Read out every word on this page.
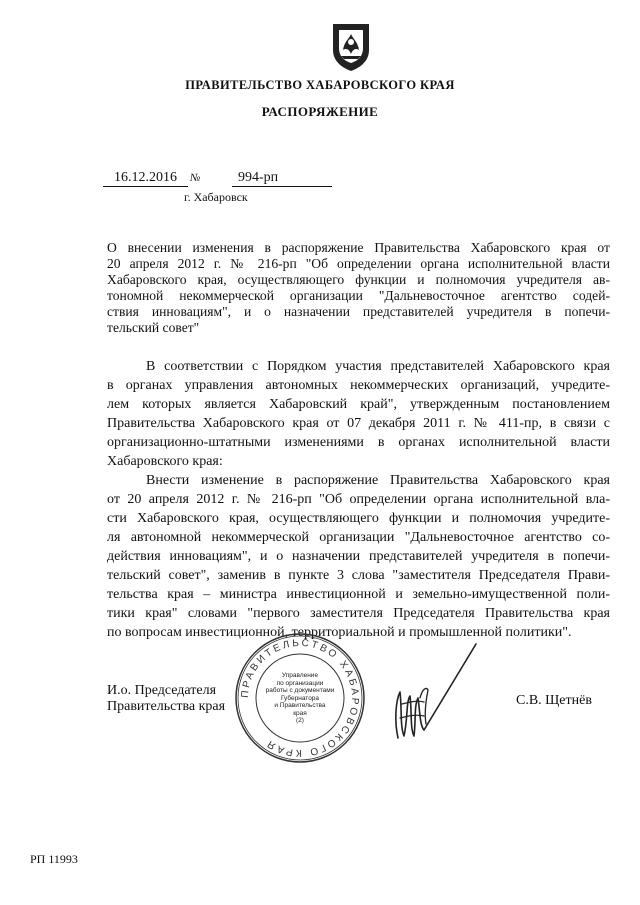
ПРАВИТЕЛЬСТВО ХАБАРОВСКОГО КРАЯ
РАСПОРЯЖЕНИЕ
16.12.2016	№	994-рп
г. Хабаровск
О внесении изменения в распоряжение Правительства Хабаровского края от
20 апреля 2012 г. № 216-рп "Об определении органа исполнительной власти
Хабаровского края, осуществляющего функции и полномочия учредителя ав-
тономной некоммерческой организации "Дальневосточное агентство содей-
ствия инновациям", и о назначении представителей учредителя в попечи-
тельский совет"
В соответствии с Порядком участия представителей Хабаровского края
в органах управления автономных некоммерческих организаций, учредите-
лем которых является Хабаровский край", утвержденным постановлением
Правительства Хабаровского края от 07 декабря 2011 г. № 411-пр, в связи с
организационно-штатными изменениями в органах исполнительной власти
Хабаровского края:
Внести изменение в распоряжение Правительства Хабаровского края
от 20 апреля 2012 г. № 216-рп "Об определении органа исполнительной вла-
сти Хабаровского края, осуществляющего функции и полномочия учредите-
ля автономной некоммерческой организации "Дальневосточное агентство со-
действия инновациям", и о назначении представителей учредителя в попечи-
тельский совет", заменив в пункте 3 слова "заместителя Председателя Прави-
тельства края – министра инвестиционной и земельно-имущественной поли-
тики края" словами "первого заместителя Председателя Правительства края
по вопросам инвестиционной, территориальной и промышленной политики".
ПРАВИТЕЛЬСТВО ХАБАРОВСКОГО КРАЯ
Управление
по организации
работы с документами
Губернатора
и Правительства
края
(2)
И.о. Председателя
Правительства края	С.В. Щетнёв
РП 11993
